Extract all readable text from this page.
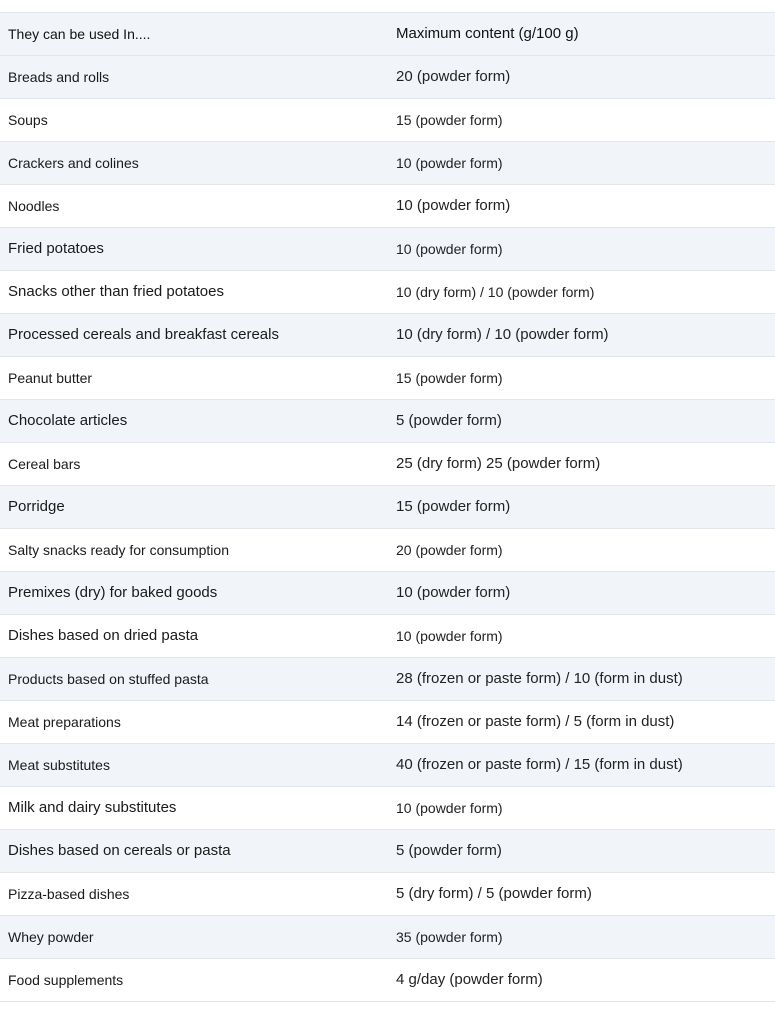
They can be used In....	Maximum content (g/100 g)
Breads and rolls	20 (powder form)
Soups	15 (powder form)
Crackers and colines	10 (powder form)
Noodles	10 (powder form)
Fried potatoes	10 (powder form)
Snacks other than fried potatoes	10 (dry form) / 10 (powder form)
Processed cereals and breakfast cereals	10 (dry form) / 10 (powder form)
Peanut butter	15 (powder form)
Chocolate articles	5 (powder form)
Cereal bars	25 (dry form) 25 (powder form)
Porridge	15 (powder form)
Salty snacks ready for consumption	20 (powder form)
Premixes (dry) for baked goods	10 (powder form)
Dishes based on dried pasta	10 (powder form)
Products based on stuffed pasta	28 (frozen or paste form) / 10 (form in dust)
Meat preparations	14 (frozen or paste form) / 5 (form in dust)
Meat substitutes	40 (frozen or paste form) / 15 (form in dust)
Milk and dairy substitutes	10 (powder form)
Dishes based on cereals or pasta	5 (powder form)
Pizza-based dishes	5 (dry form) / 5 (powder form)
Whey powder	35 (powder form)
Food supplements	4 g/day (powder form)
